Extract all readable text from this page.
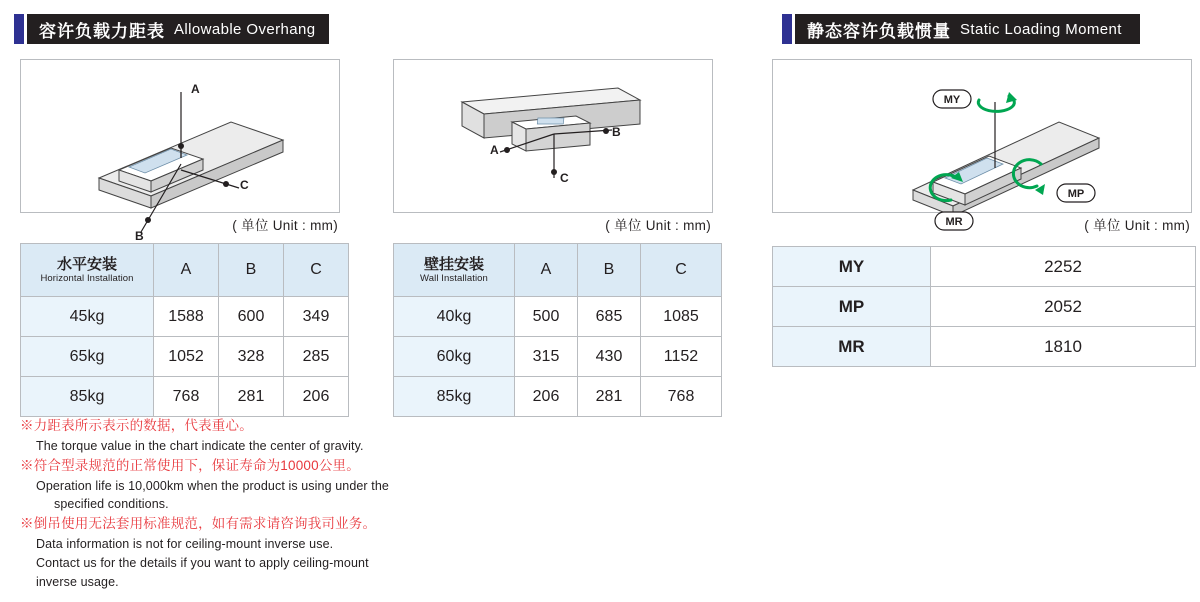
容许负载力距表 Allowable Overhang	静态容许负载惯量 Static Loading Moment
A
B
C
A
B
C
MY
MP
MR
( 单位 Unit : mm)	( 单位 Unit : mm)	( 单位 Unit : mm)
水平安装
Horizontal Installation	A	B	C
45kg	1588	600	349
65kg	1052	328	285
85kg	768	281	206
壁挂安装
Wall Installation	A	B	C
40kg	500	685	1085
60kg	315	430	1152
85kg	206	281	768
MY	2252
MP	2052
MR	1810
※力距表所示表示的数据，代表重心。
The torque value in the chart indicate the center of gravity.
※符合型录规范的正常使用下，保证寿命为10000公里。
Operation life is 10,000km when the product is using under the
specified conditions.
※倒吊使用无法套用标准规范，如有需求请咨询我司业务。
Data information is not for ceiling-mount inverse use.
Contact us for the details if you want to apply ceiling-mount
inverse usage.
